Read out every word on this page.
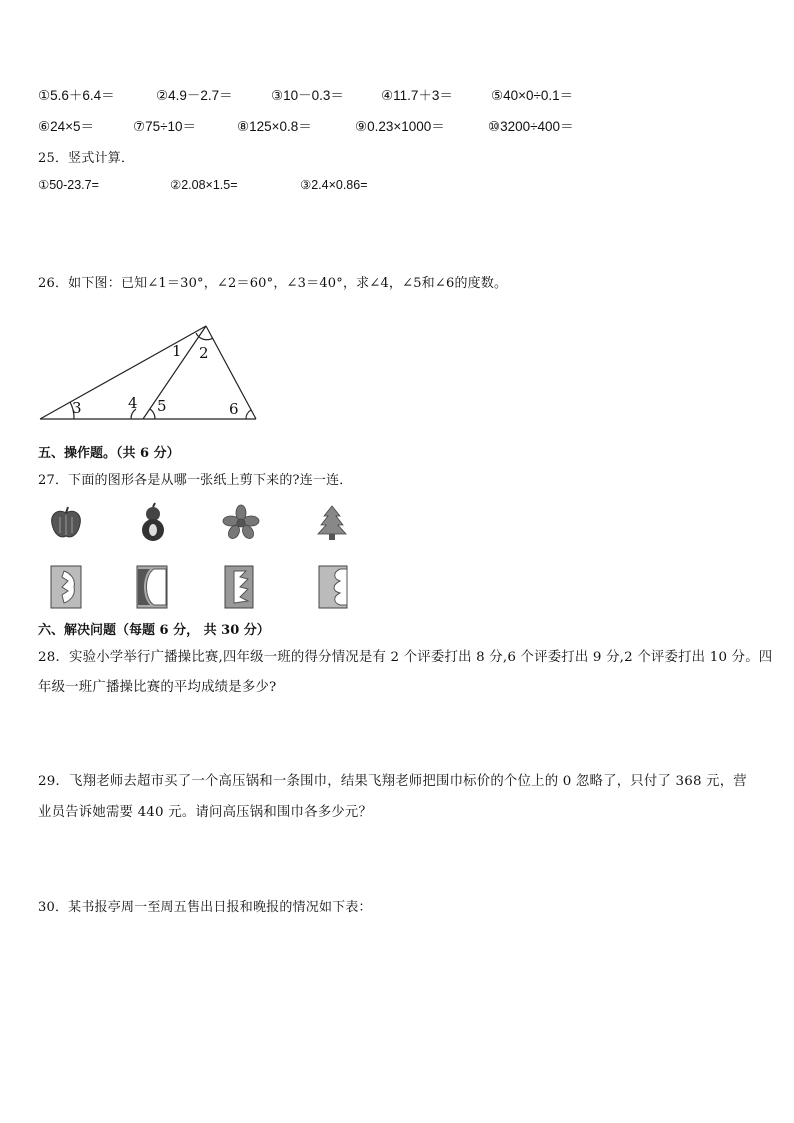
①5.6＋6.4＝	②4.9－2.7＝	③10－0.3＝	④11.7＋3＝	⑤40×0÷0.1＝
⑥24×5＝	⑦75÷10＝	⑧125×0.8＝	⑨0.23×1000＝	⑩3200÷400＝
25．竖式计算．
①50-23.7=	②2.08×1.5=	③2.4×0.86=
26．如下图：已知∠1＝30°，∠2＝60°，∠3＝40°，求∠4，∠5和∠6的度数。
1 2
3	4 5	6
五、操作题。（共 6 分）
27．下面的图形各是从哪一张纸上剪下来的?连一连．
六、解决问题（每题 6 分， 共 30 分）
28．实验小学举行广播操比赛,四年级一班的得分情况是有 2 个评委打出 8 分,6 个评委打出 9 分,2 个评委打出 10 分。四
年级一班广播操比赛的平均成绩是多少?
29．飞翔老师去超市买了一个高压锅和一条围巾，结果飞翔老师把围巾标价的个位上的 0 忽略了，只付了 368 元，营
业员告诉她需要 440 元。请问高压锅和围巾各多少元？
30．某书报亭周一至周五售出日报和晚报的情况如下表：
